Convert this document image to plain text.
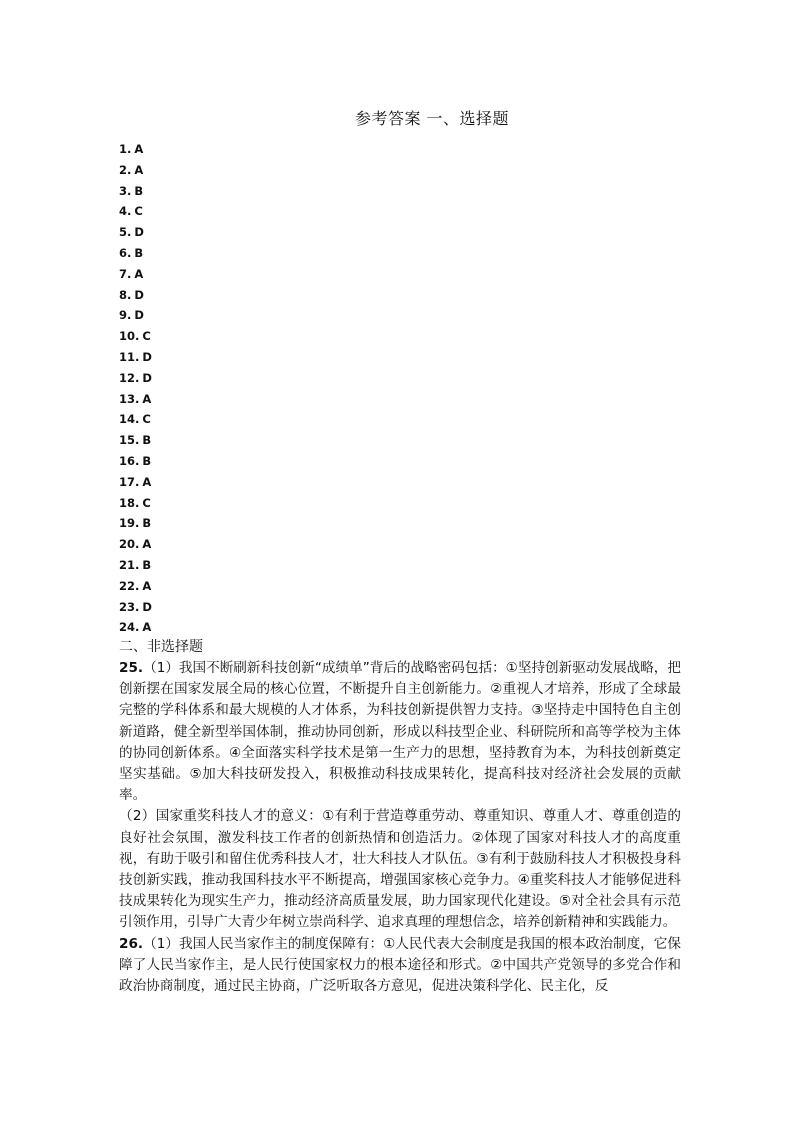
参考答案 一、选择题
1. A
2. A
3. B
4. C
5. D
6. B
7. A
8. D
9. D
10. C
11. D
12. D
13. A
14. C
15. B
16. B
17. A
18. C
19. B
20. A
21. B
22. A
23. D
24. A
二、非选择题

25.（1）我国不断刷新科技创新“成绩单”背后的战略密码包括：①坚持创新驱动发展战略，把创新摆在国家发展全局的核心位置，不断提升自主创新能力。②重视人才培养，形成了全球最完整的学科体系和最大规模的人才体系，为科技创新提供智力支持。③坚持走中国特色自主创新道路，健全新型举国体制，推动协同创新，形成以科技型企业、科研院所和高等学校为主体的协同创新体系。④全面落实科学技术是第一生产力的思想，坚持教育为本，为科技创新奠定坚实基础。⑤加大科技研发投入，积极推动科技成果转化，提高科技对经济社会发展的贡献率。

（2）国家重奖科技人才的意义：①有利于营造尊重劳动、尊重知识、尊重人才、尊重创造的良好社会氛围，激发科技工作者的创新热情和创造活力。②体现了国家对科技人才的高度重视，有助于吸引和留住优秀科技人才，壮大科技人才队伍。③有利于鼓励科技人才积极投身科技创新实践，推动我国科技水平不断提高，增强国家核心竞争力。④重奖科技人才能够促进科技成果转化为现实生产力，推动经济高质量发展，助力国家现代化建设。⑤对全社会具有示范引领作用，引导广大青少年树立崇尚科学、追求真理的理想信念，培养创新精神和实践能力。

26.（1）我国人民当家作主的制度保障有：①人民代表大会制度是我国的根本政治制度，它保障了人民当家作主，是人民行使国家权力的根本途径和形式。②中国共产党领导的多党合作和政治协商制度，通过民主协商，广泛听取各方意见，促进决策科学化、民主化，反
